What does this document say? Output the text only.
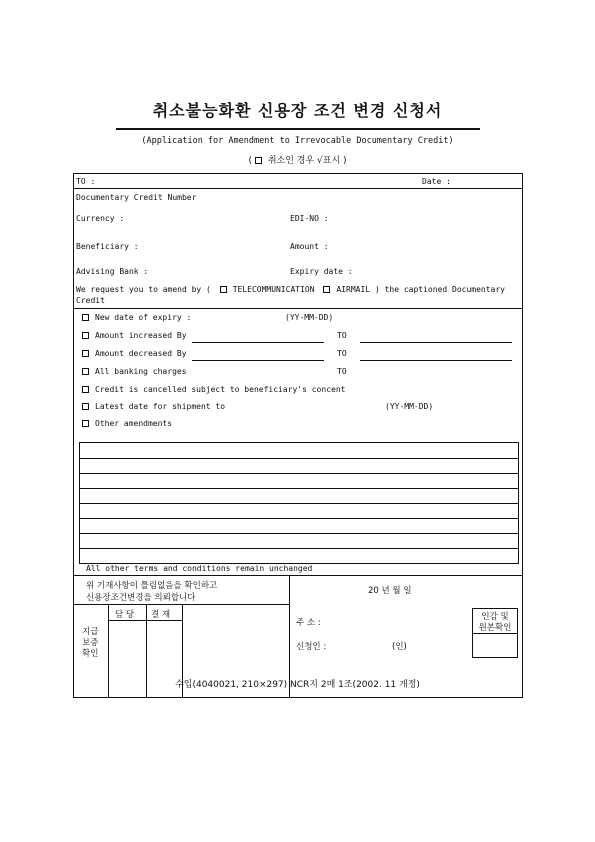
취소불능화환 신용장 조건 변경 신청서
(Application for Amendment to Irrevocable Documentary Credit)
( 취소인 경우 √표시 )
TO :	Date :
Documentary Credit Number
Currency :	EDI-NO :
Beneficiary :	Amount :
Advising Bank :	Expiry date :
We request you to amend by (	TELECOMMUNICATION	AIRMAIL ) the captioned Documentary
Credit
New date of expiry :	(YY-MM-DD)
Amount increased By	TO
Amount decreased By	TO
All banking charges	TO
Credit is cancelled subject to beneficiary's concent
Latest date for shipment to	(YY-MM-DD)
Other amendments
All other terms and conditions remain unchanged
위 기재사항이 틀림없음을 확인하고
신용장조건변경을 의뢰합니다
20 년 월 일
담 당 결 재
지급
보증
확인
주 소 :
신청인 :	(인)
인감 및
원본확인
수입(4040021, 210×297) NCR지 2매 1조(2002. 11 개정)
